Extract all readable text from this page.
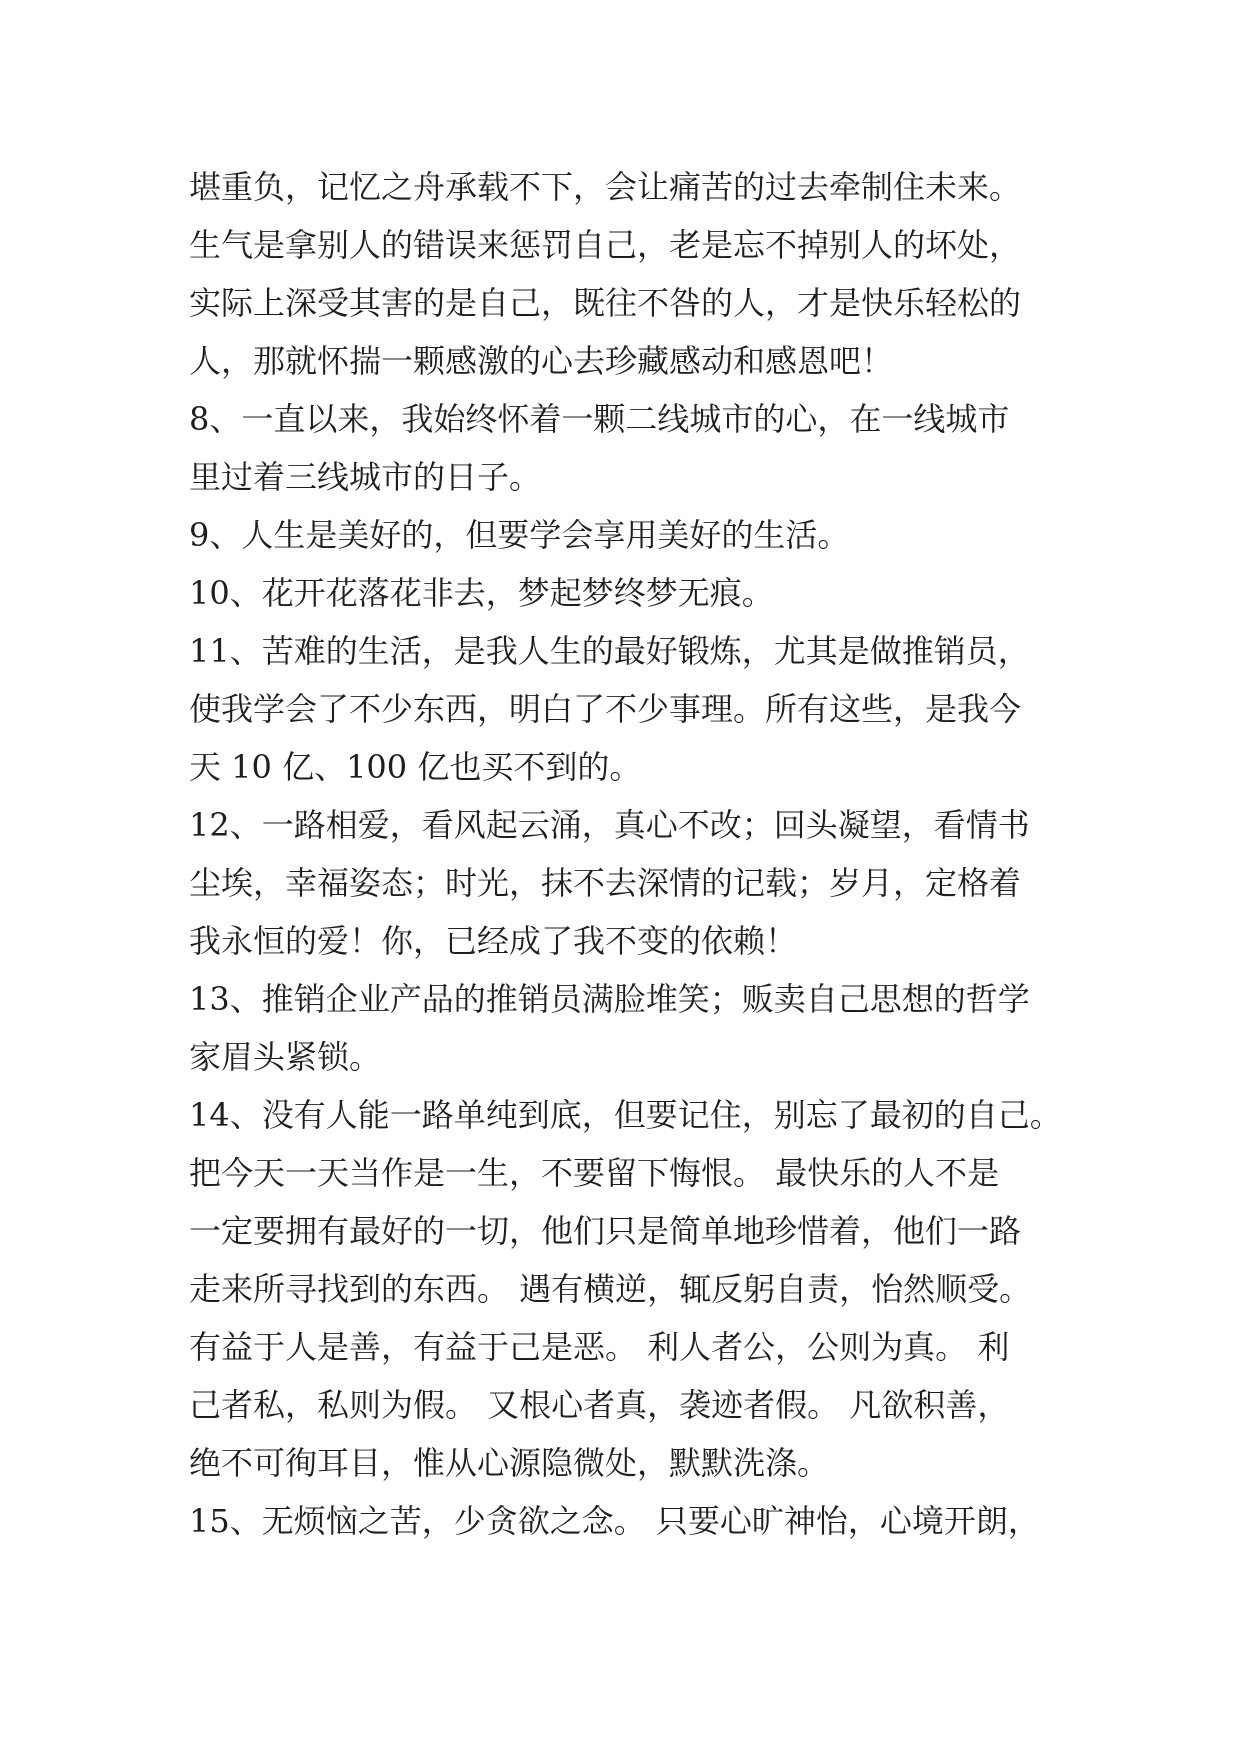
堪重负，记忆之舟承载不下，会让痛苦的过去牵制住未来。
生气是拿别人的错误来惩罚自己，老是忘不掉别人的坏处，
实际上深受其害的是自己，既往不咎的人，才是快乐轻松的
人，那就怀揣一颗感激的心去珍藏感动和感恩吧！
8、一直以来，我始终怀着一颗二线城市的心，在一线城市
里过着三线城市的日子。
9、人生是美好的，但要学会享用美好的生活。
10、花开花落花非去，梦起梦终梦无痕。
11、苦难的生活，是我人生的最好锻炼，尤其是做推销员，
使我学会了不少东西，明白了不少事理。所有这些，是我今
天 10 亿、100 亿也买不到的。
12、一路相爱，看风起云涌，真心不改；回头凝望，看情书
尘埃，幸福姿态；时光，抹不去深情的记载；岁月，定格着
我永恒的爱！你，已经成了我不变的依赖！
13、推销企业产品的推销员满脸堆笑；贩卖自己思想的哲学
家眉头紧锁。
14、没有人能一路单纯到底，但要记住，别忘了最初的自己。
把今天一天当作是一生，不要留下悔恨。 最快乐的人不是
一定要拥有最好的一切，他们只是简单地珍惜着，他们一路
走来所寻找到的东西。 遇有横逆，辄反躬自责，怡然顺受。
有益于人是善，有益于己是恶。 利人者公，公则为真。 利
己者私，私则为假。 又根心者真，袭迹者假。 凡欲积善，
绝不可徇耳目，惟从心源隐微处，默默洗涤。
15、无烦恼之苦，少贪欲之念。 只要心旷神怡，心境开朗，
